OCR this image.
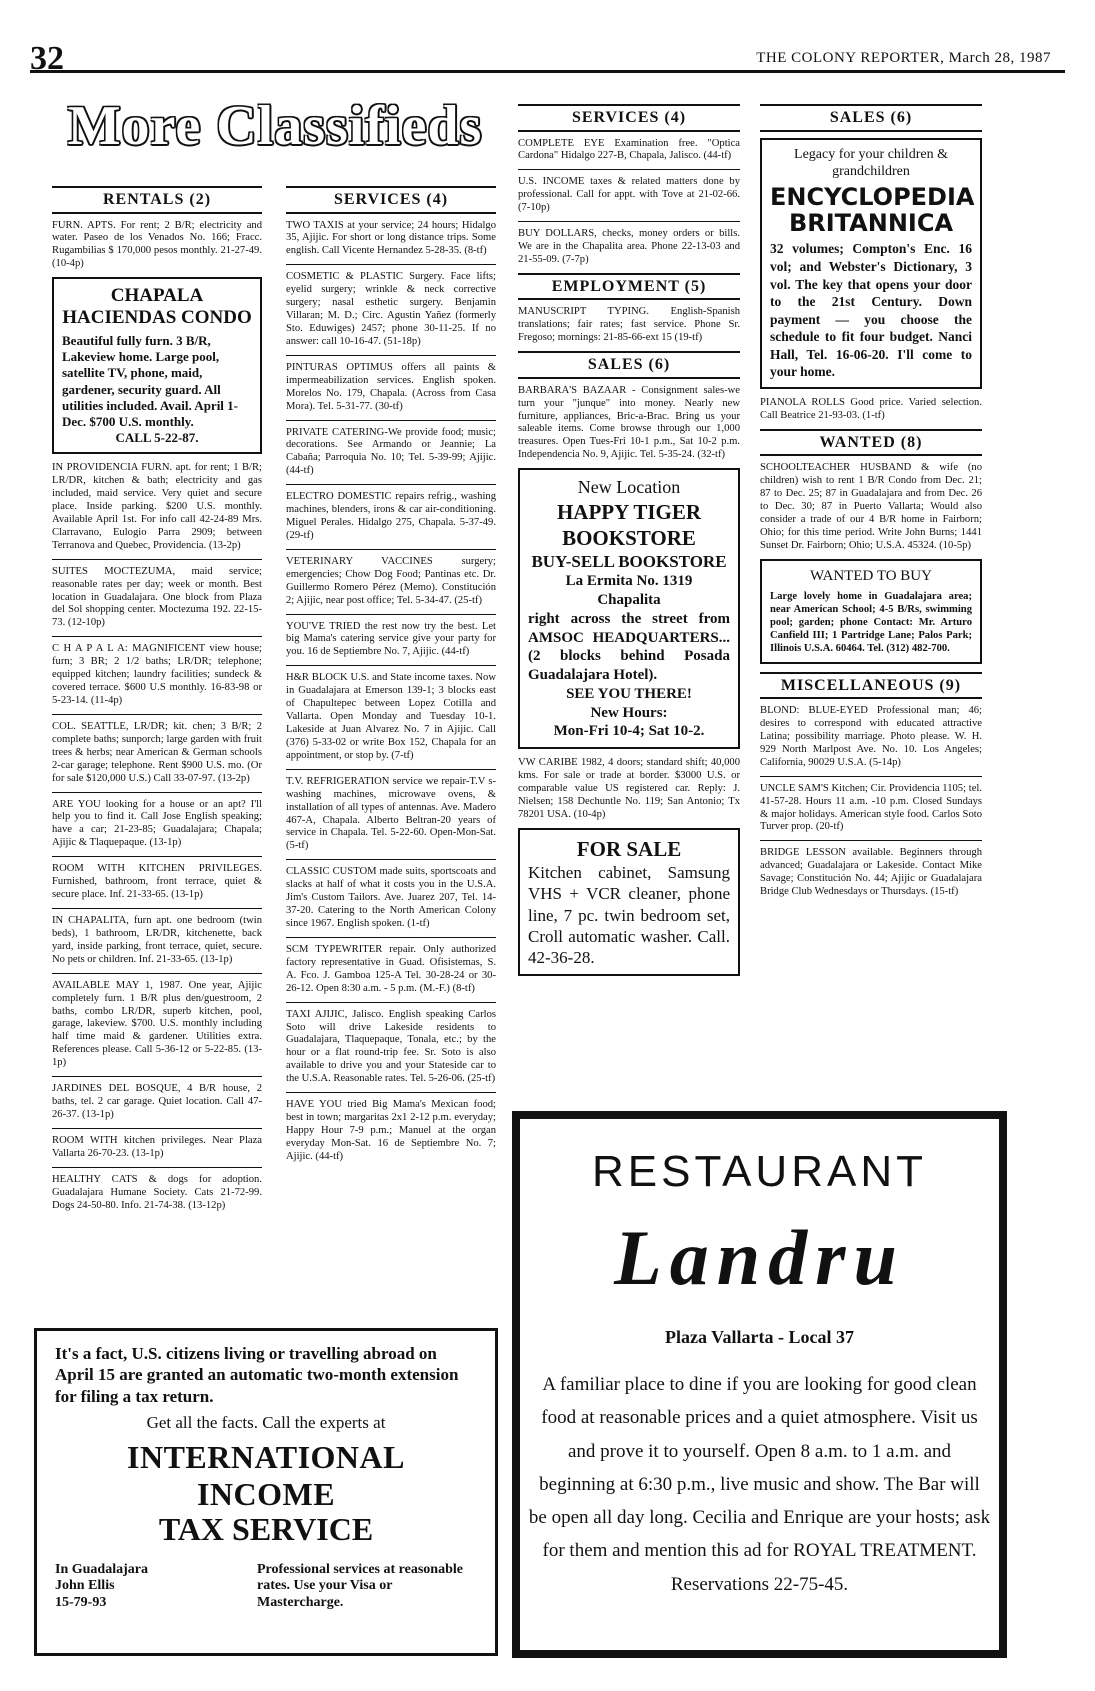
32	THE COLONY REPORTER, March 28, 1987
More Classifieds
RENTALS (2)
FURN. APTS. For rent; 2 B/R; electricity and water. Paseo de los Venados No. 166; Fracc. Rugambilias $ 170,000 pesos monthly. 21-27-49. (10-4p)
CHAPALA HACIENDAS CONDO
Beautiful fully furn. 3 B/R, Lakeview home. Large pool, satellite TV, phone, maid, gardener, security guard. All utilities included. Avail. April 1-Dec. $700 U.S. monthly.
CALL 5-22-87.
IN PROVIDENCIA FURN. apt. for rent; 1 B/R; LR/DR, kitchen & bath; electricity and gas included, maid service. Very quiet and secure place. Inside parking. $200 U.S. monthly. Available April 1st. For info call 42-24-89 Mrs. Clarravano, Eulogio Parra 2909; between Terranova and Quebec, Providencia. (13-2p)
SUITES MOCTEZUMA, maid service; reasonable rates per day; week or month. Best location in Guadalajara. One block from Plaza del Sol shopping center. Moctezuma 192. 22-15-73. (12-10p)
C H A P A L A: MAGNIFICENT view house; furn; 3 BR; 2 1/2 baths; LR/DR; telephone; equipped kitchen; laundry facilities; sundeck & covered terrace. $600 U.S monthly. 16-83-98 or 5-23-14. (11-4p)
COL. SEATTLE, LR/DR; kit. chen; 3 B/R; 2 complete baths; sunporch; large garden with fruit trees & herbs; near American & German schools 2-car garage; telephone. Rent $900 U.S. mo. (Or for sale $120,000 U.S.) Call 33-07-97. (13-2p)
ARE YOU looking for a house or an apt? I'll help you to find it. Call Jose English speaking; have a car; 21-23-85; Guadalajara; Chapala; Ajijic & Tlaquepaque. (13-1p)
ROOM WITH KITCHEN PRIVILEGES. Furnished, bathroom, front terrace, quiet & secure place. Inf. 21-33-65. (13-1p)
IN CHAPALITA, furn apt. one bedroom (twin beds), 1 bathroom, LR/DR, kitchenette, back yard, inside parking, front terrace, quiet, secure. No pets or children. Inf. 21-33-65. (13-1p)
AVAILABLE MAY 1, 1987. One year, Ajijic completely furn. 1 B/R plus den/guestroom, 2 baths, combo LR/DR, superb kitchen, pool, garage, lakeview. $700. U.S. monthly including half time maid & gardener. Utilities extra. References please. Call 5-36-12 or 5-22-85. (13-1p)
JARDINES DEL BOSQUE, 4 B/R house, 2 baths, tel. 2 car garage. Quiet location. Call 47-26-37. (13-1p)
ROOM WITH kitchen privileges. Near Plaza Vallarta 26-70-23. (13-1p)
HEALTHY CATS & dogs for adoption. Guadalajara Humane Society. Cats 21-72-99. Dogs 24-50-80. Info. 21-74-38. (13-12p)
SERVICES (4)
TWO TAXIS at your service; 24 hours; Hidalgo 35, Ajijic. For short or long distance trips. Some english. Call Vicente Hernandez 5-28-35. (8-tf)
COSMETIC & PLASTIC Surgery. Face lifts; eyelid surgery; wrinkle & neck corrective surgery; nasal esthetic surgery. Benjamin Villaran; M. D.; Circ. Agustin Yañez (formerly Sto. Eduwiges) 2457; phone 30-11-25. If no answer: call 10-16-47. (51-18p)
PINTURAS OPTIMUS offers all paints & impermeabilization services. English spoken. Morelos No. 179, Chapala. (Across from Casa Mora). Tel. 5-31-77. (30-tf)
PRIVATE CATERING-We provide food; music; decorations. See Armando or Jeannie; La Cabaña; Parroquia No. 10; Tel. 5-39-99; Ajijic. (44-tf)
ELECTRO DOMESTIC repairs refrig., washing machines, blenders, irons & car air-conditioning. Miguel Perales. Hidalgo 275, Chapala. 5-37-49. (29-tf)
VETERINARY VACCINES surgery; emergencies; Chow Dog Food; Pantinas etc. Dr. Guillermo Romero Pérez (Memo). Constitución 2; Ajijic, near post office; Tel. 5-34-47. (25-tf)
YOU'VE TRIED the rest now try the best. Let big Mama's catering service give your party for you. 16 de Septiembre No. 7, Ajijic. (44-tf)
H&R BLOCK U.S. and State income taxes. Now in Guadalajara at Emerson 139-1; 3 blocks east of Chapultepec between Lopez Cotilla and Vallarta. Open Monday and Tuesday 10-1. Lakeside at Juan Alvarez No. 7 in Ajijic. Call (376) 5-33-02 or write Box 152, Chapala for an appointment, or stop by. (7-tf)
T.V. REFRIGERATION service we repair-T.V s-washing machines, microwave ovens, & installation of all types of antennas. Ave. Madero 467-A, Chapala. Alberto Beltran-20 years of service in Chapala. Tel. 5-22-60. Open-Mon-Sat. (5-tf)
CLASSIC CUSTOM made suits, sportscoats and slacks at half of what it costs you in the U.S.A. Jim's Custom Tailors. Ave. Juarez 207, Tel. 14-37-20. Catering to the North American Colony since 1967. English spoken. (1-tf)
SCM TYPEWRITER repair. Only authorized factory representative in Guad. Ofisistemas, S. A. Fco. J. Gamboa 125-A Tel. 30-28-24 or 30-26-12. Open 8:30 a.m. - 5 p.m. (M.-F.) (8-tf)
TAXI AJIJIC, Jalisco. English speaking Carlos Soto will drive Lakeside residents to Guadalajara, Tlaquepaque, Tonala, etc.; by the hour or a flat round-trip fee. Sr. Soto is also available to drive you and your Stateside car to the U.S.A. Reasonable rates. Tel. 5-26-06. (25-tf)
HAVE YOU tried Big Mama's Mexican food; best in town; margaritas 2x1 2-12 p.m. everyday; Happy Hour 7-9 p.m.; Manuel at the organ everyday Mon-Sat. 16 de Septiembre No. 7; Ajijic. (44-tf)
SERVICES (4)
COMPLETE EYE Examination free. "Optica Cardona" Hidalgo 227-B, Chapala, Jalisco. (44-tf)
U.S. INCOME taxes & related matters done by professional. Call for appt. with Tove at 21-02-66. (7-10p)
BUY DOLLARS, checks, money orders or bills. We are in the Chapalita area. Phone 22-13-03 and 21-55-09. (7-7p)
EMPLOYMENT (5)
MANUSCRIPT TYPING. English-Spanish translations; fair rates; fast service. Phone Sr. Fregoso; mornings: 21-85-66-ext 15 (19-tf)
SALES (6)
BARBARA'S BAZAAR - Consignment sales-we turn your "junque" into money. Nearly new furniture, appliances, Bric-a-Brac. Bring us your saleable items. Come browse through our 1,000 treasures. Open Tues-Fri 10-1 p.m., Sat 10-2 p.m. Independencia No. 9, Ajijic. Tel. 5-35-24. (32-tf)
New Location
HAPPY TIGER BOOKSTORE
BUY-SELL BOOKSTORE
La Ermita No. 1319
Chapalita
right across the street from AMSOC HEADQUARTERS... (2 blocks behind Posada Guadalajara Hotel).
SEE YOU THERE!
New Hours:
Mon-Fri 10-4; Sat 10-2.
VW CARIBE 1982, 4 doors; standard shift; 40,000 kms. For sale or trade at border. $3000 U.S. or comparable value US registered car. Reply: J. Nielsen; 158 Dechuntle No. 119; San Antonio; Tx 78201 USA. (10-4p)
FOR SALE
Kitchen cabinet, Samsung VHS + VCR cleaner, phone line, 7 pc. twin bedroom set, Croll automatic washer. Call. 42-36-28.
SALES (6)
Legacy for your children & grandchildren
ENCYCLOPEDIA BRITANNICA
32 volumes; Compton's Enc. 16 vol; and Webster's Dictionary, 3 vol. The key that opens your door to the 21st Century. Down payment — you choose the schedule to fit four budget. Nanci Hall, Tel. 16-06-20. I'll come to your home.
PIANOLA ROLLS Good price. Varied selection. Call Beatrice 21-93-03. (1-tf)
WANTED (8)
SCHOOLTEACHER HUSBAND & wife (no children) wish to rent 1 B/R Condo from Dec. 21; 87 to Dec. 25; 87 in Guadalajara and from Dec. 26 to Dec. 30; 87 in Puerto Vallarta; Would also consider a trade of our 4 B/R home in Fairborn; Ohio; for this time period. Write John Burns; 1441 Sunset Dr. Fairborn; Ohio; U.S.A. 45324. (10-5p)
WANTED TO BUY
Large lovely home in Guadalajara area; near American School; 4-5 B/Rs, swimming pool; garden; phone Contact: Mr. Arturo Canfield III; 1 Partridge Lane; Palos Park; Illinois U.S.A. 60464. Tel. (312) 482-700.
MISCELLANEOUS (9)
BLOND: BLUE-EYED Professional man; 46; desires to correspond with educated attractive Latina; possibility marriage. Photo please. W. H. 929 North Marlpost Ave. No. 10. Los Angeles; California, 90029 U.S.A. (5-14p)
UNCLE SAM'S Kitchen; Cir. Providencia 1105; tel. 41-57-28. Hours 11 a.m. -10 p.m. Closed Sundays & major holidays. American style food. Carlos Soto Turver prop. (20-tf)
BRIDGE LESSON available. Beginners through advanced; Guadalajara or Lakeside. Contact Mike Savage; Constitución No. 44; Ajijic or Guadalajara Bridge Club Wednesdays or Thursdays. (15-tf)
It's a fact, U.S. citizens living or travelling abroad on April 15 are granted an automatic two-month extension for filing a tax return.
Get all the facts. Call the experts at
INTERNATIONAL INCOME
TAX SERVICE
In Guadalajara
John Ellis
15-79-93
Professional services at reasonable rates. Use your Visa or Mastercharge.
RESTAURANT
Landru
Plaza Vallarta - Local 37
A familiar place to dine if you are looking for good clean food at reasonable prices and a quiet atmosphere. Visit us and prove it to yourself. Open 8 a.m. to 1 a.m. and beginning at 6:30 p.m., live music and show. The Bar will be open all day long. Cecilia and Enrique are your hosts; ask for them and mention this ad for ROYAL TREATMENT.
Reservations 22-75-45.
